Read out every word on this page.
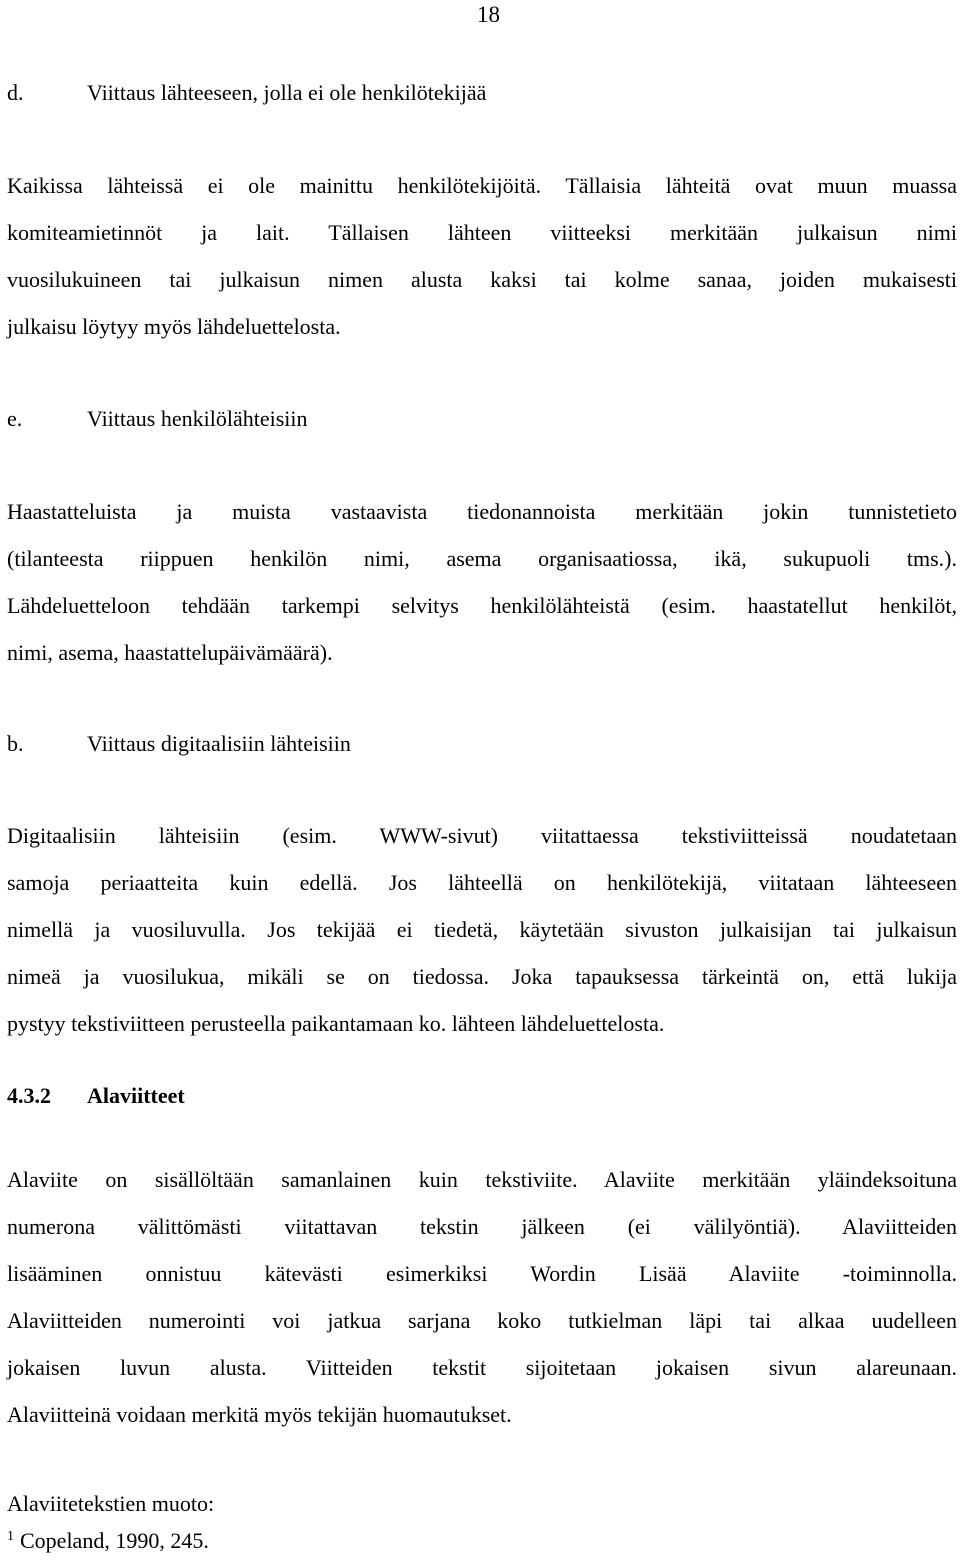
18
d.	Viittaus lähteeseen, jolla ei ole henkilötekijää
Kaikissa lähteissä ei ole mainittu henkilötekijöitä. Tällaisia lähteitä ovat muun muassa
komiteamietinnöt ja lait. Tällaisen lähteen viitteeksi merkitään julkaisun nimi
vuosilukuineen tai julkaisun nimen alusta kaksi tai kolme sanaa, joiden mukaisesti
julkaisu löytyy myös lähdeluettelosta.
e.	Viittaus henkilölähteisiin
Haastatteluista ja muista vastaavista tiedonannoista merkitään jokin tunnistetieto
(tilanteesta riippuen henkilön nimi, asema organisaatiossa, ikä, sukupuoli tms.).
Lähdeluetteloon tehdään tarkempi selvitys henkilölähteistä (esim. haastatellut henkilöt,
nimi, asema, haastattelupäivämäärä).
b.	Viittaus digitaalisiin lähteisiin
Digitaalisiin lähteisiin (esim. WWW-sivut) viitattaessa tekstiviitteissä noudatetaan
samoja periaatteita kuin edellä. Jos lähteellä on henkilötekijä, viitataan lähteeseen
nimellä ja vuosiluvulla. Jos tekijää ei tiedetä, käytetään sivuston julkaisijan tai julkaisun
nimeä ja vuosilukua, mikäli se on tiedossa. Joka tapauksessa tärkeintä on, että lukija
pystyy tekstiviitteen perusteella paikantamaan ko. lähteen lähdeluettelosta.
4.3.2 Alaviitteet
Alaviite on sisällöltään samanlainen kuin tekstiviite. Alaviite merkitään yläindeksoituna
numerona välittömästi viitattavan tekstin jälkeen (ei välilyöntiä). Alaviitteiden
lisääminen onnistuu kätevästi esimerkiksi Wordin Lisää Alaviite -toiminnolla.
Alaviitteiden numerointi voi jatkua sarjana koko tutkielman läpi tai alkaa uudelleen
jokaisen luvun alusta. Viitteiden tekstit sijoitetaan jokaisen sivun alareunaan.
Alaviitteinä voidaan merkitä myös tekijän huomautukset.
Alaviitetekstien muoto:
$^1$ Copeland, 1990, 245.
